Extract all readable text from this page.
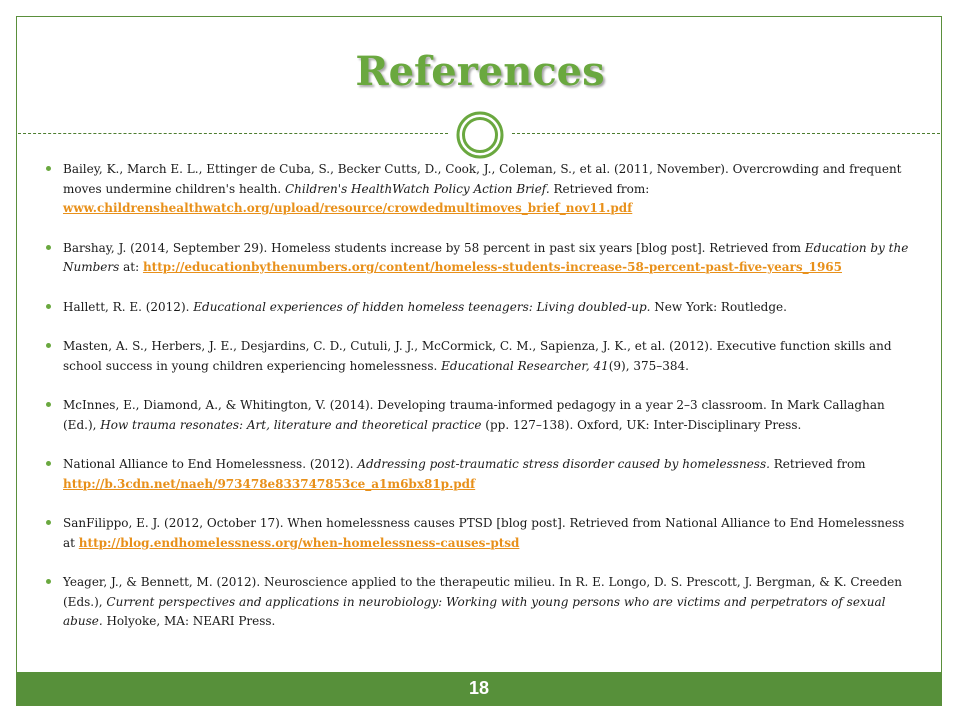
References
Bailey, K., March E. L., Ettinger de Cuba, S., Becker Cutts, D., Cook, J., Coleman, S., et al. (2011, November). Overcrowding and frequent moves undermine children's health. Children's HealthWatch Policy Action Brief. Retrieved from: www.childrenshealthwatch.org/upload/resource/crowdedmultimoves_brief_nov11.pdf
Barshay, J. (2014, September 29). Homeless students increase by 58 percent in past six years [blog post]. Retrieved from Education by the Numbers at: http://educationbythenumbers.org/content/homeless-students-increase-58-percent-past-five-years_1965
Hallett, R. E. (2012). Educational experiences of hidden homeless teenagers: Living doubled-up. New York: Routledge.
Masten, A. S., Herbers, J. E., Desjardins, C. D., Cutuli, J. J., McCormick, C. M., Sapienza, J. K., et al. (2012). Executive function skills and school success in young children experiencing homelessness. Educational Researcher, 41(9), 375–384.
McInnes, E., Diamond, A., & Whitington, V. (2014). Developing trauma-informed pedagogy in a year 2–3 classroom. In Mark Callaghan (Ed.), How trauma resonates: Art, literature and theoretical practice (pp. 127–138). Oxford, UK: Inter-Disciplinary Press.
National Alliance to End Homelessness. (2012). Addressing post-traumatic stress disorder caused by homelessness. Retrieved from http://b.3cdn.net/naeh/973478e833747853ce_a1m6bx81p.pdf
SanFilippo, E. J. (2012, October 17). When homelessness causes PTSD [blog post]. Retrieved from National Alliance to End Homelessness at http://blog.endhomelessness.org/when-homelessness-causes-ptsd
Yeager, J., & Bennett, M. (2012). Neuroscience applied to the therapeutic milieu. In R. E. Longo, D. S. Prescott, J. Bergman, & K. Creeden (Eds.), Current perspectives and applications in neurobiology: Working with young persons who are victims and perpetrators of sexual abuse. Holyoke, MA: NEARI Press.
18
